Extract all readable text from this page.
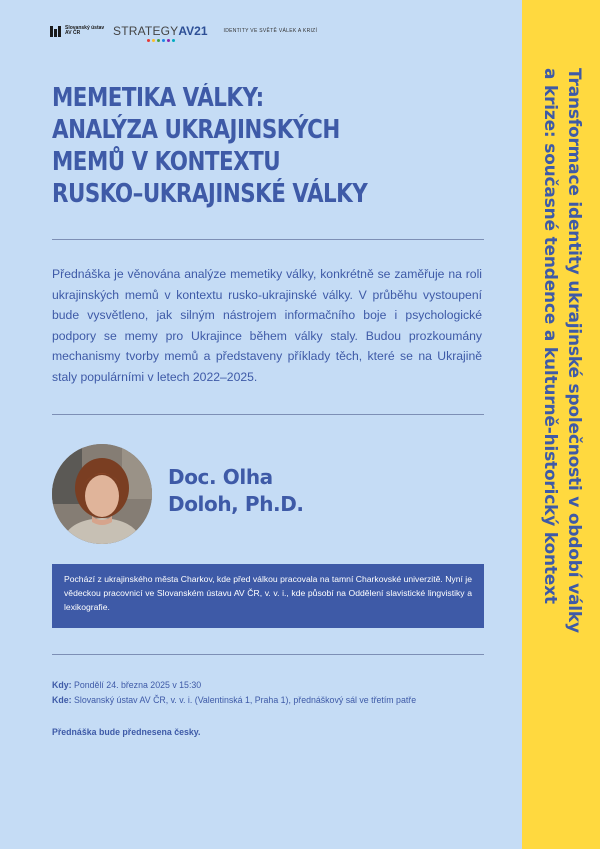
Slovanský ústav AV ČR	STRATEGY AV21	IDENTITY VE SVĚTĚ VÁLEK A KRIZÍ
MEMETIKA VÁLKY:
ANALÝZA UKRAJINSKÝCH
MEMŮ V KONTEXTU
RUSKO–UKRAJINSKÉ VÁLKY

Přednáška je věnována analýze memetiky války, konkrétně se zaměřuje na roli ukrajinských memů v kontextu rusko-ukrajinské války. V průběhu vystoupení bude vysvětleno, jak silným nástrojem informačního boje i psychologické podpory se memy pro Ukrajince během války staly. Budou prozkoumány mechanismy tvorby memů a představeny příklady těch, které se na Ukrajině staly populárními v letech 2022–2025.

Doc. Olha
Doloh, Ph.D.
Pochází z ukrajinského města Charkov, kde před válkou pracovala na tamní Charkovské univerzitě. Nyní je vědeckou pracovnicí ve Slovanském ústavu AV ČR, v. v. i., kde působí na Oddělení slavistické lingvistiky a lexikografie.
Kdy: Pondělí 24. března 2025 v 15:30
Kde: Slovanský ústav AV ČR, v. v. i. (Valentinská 1, Praha 1), přednáškový sál ve třetím patře
Přednáška bude přednesena česky.
Transformace identity ukrajinské společnosti v období války
a krize: současné tendence a kulturně-historický kontext
